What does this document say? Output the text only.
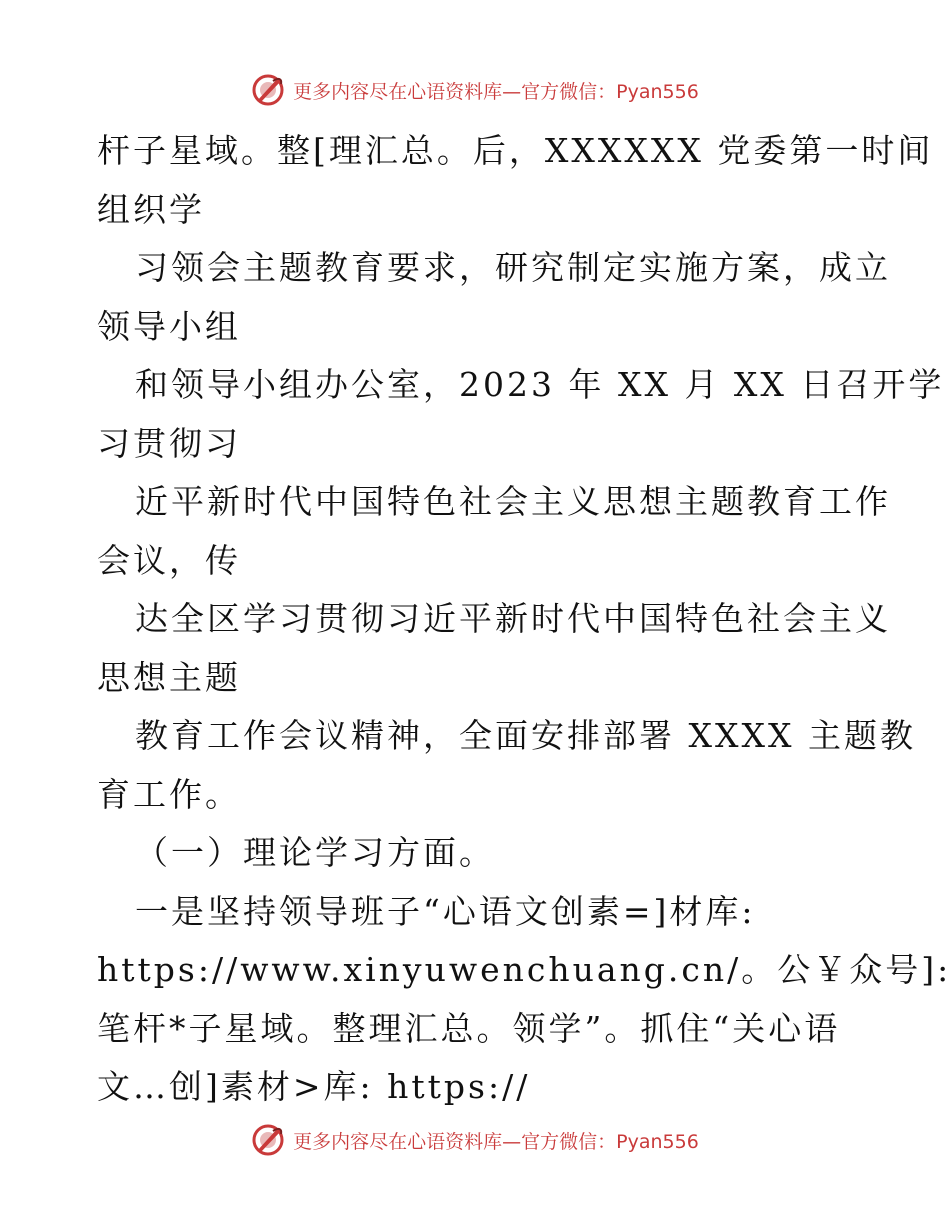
更多内容尽在心语资料库—官方微信：Pyan556
杆子星域。整[理汇总。后，XXXXXX 党委第一时间
组织学
习领会主题教育要求，研究制定实施方案，成立
领导小组
和领导小组办公室，2023 年 XX 月 XX 日召开学
习贯彻习
近平新时代中国特色社会主义思想主题教育工作
会议，传
达全区学习贯彻习近平新时代中国特色社会主义
思想主题
教育工作会议精神，全面安排部署 XXXX 主题教
育工作。
（一）理论学习方面。
一是坚持领导班子“心语文创素=]材库:
https://www.xinyuwenchuang.cn/。公￥众号]:
笔杆*子星域。整理汇总。领学”。抓住“关心语
文…创]素材>库: https://
更多内容尽在心语资料库—官方微信：Pyan556
